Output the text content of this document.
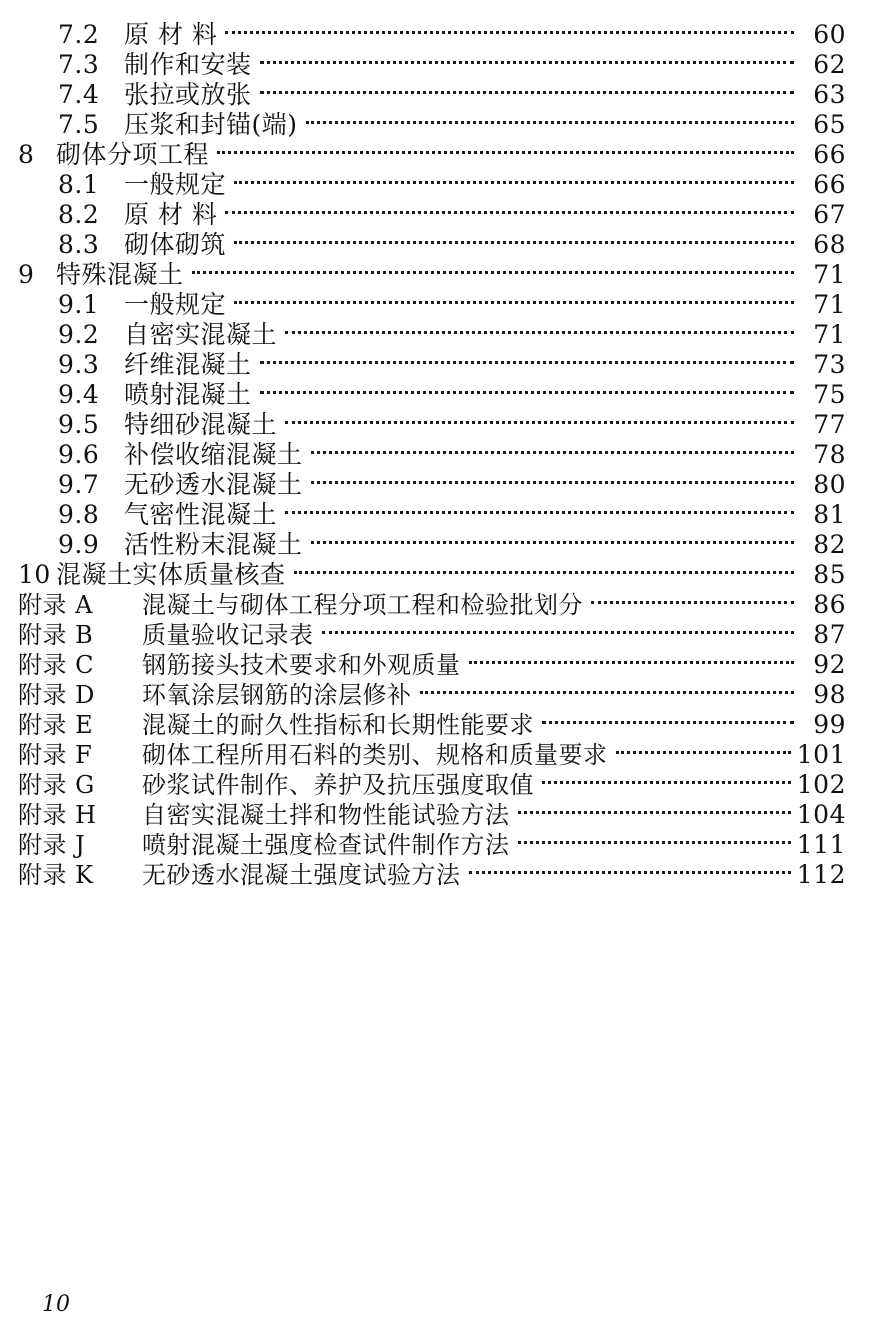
7.2 原 材 料	60
7.3 制作和安装	62
7.4 张拉或放张	63
7.5 压浆和封锚(端)	65
8 砌体分项工程	66
8.1 一般规定	66
8.2 原 材 料	67
8.3 砌体砌筑	68
9 特殊混凝土	71
9.1 一般规定	71
9.2 自密实混凝土	71
9.3 纤维混凝土	73
9.4 喷射混凝土	75
9.5 特细砂混凝土	77
9.6 补偿收缩混凝土	78
9.7 无砂透水混凝土	80
9.8 气密性混凝土	81
9.9 活性粉末混凝土	82
10 混凝土实体质量核查	85
附录 A	混凝土与砌体工程分项工程和检验批划分	86
附录 B	质量验收记录表	87
附录 C	钢筋接头技术要求和外观质量	92
附录 D	环氧涂层钢筋的涂层修补	98
附录 E	混凝土的耐久性指标和长期性能要求	99
附录 F	砌体工程所用石料的类别、规格和质量要求	101
附录 G	砂浆试件制作、养护及抗压强度取值	102
附录 H	自密实混凝土拌和物性能试验方法	104
附录 J	喷射混凝土强度检查试件制作方法	111
附录 K	无砂透水混凝土强度试验方法	112
10
